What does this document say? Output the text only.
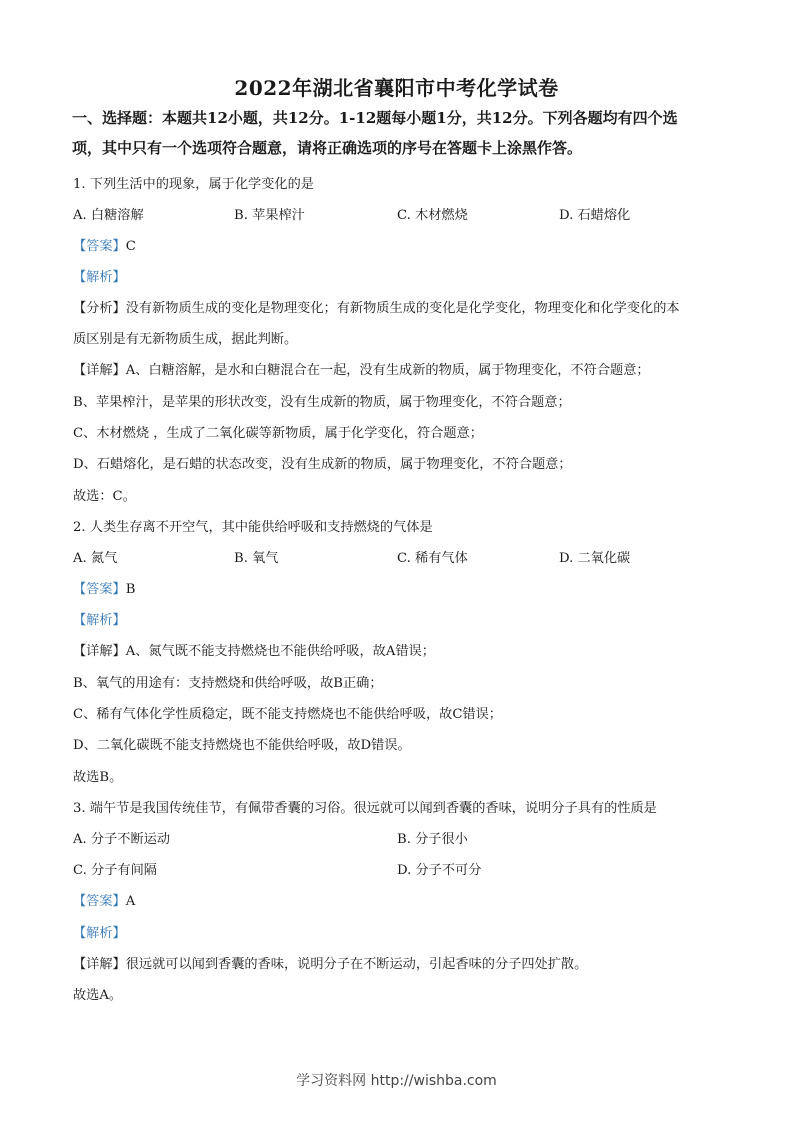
2022年湖北省襄阳市中考化学试卷
一、选择题：本题共12小题，共12分。1-12题每小题1分，共12分。下列各题均有四个选
项，其中只有一个选项符合题意，请将正确选项的序号在答题卡上涂黑作答。
1. 下列生活中的现象，属于化学变化的是
A. 白糖溶解	B. 苹果榨汁	C. 木材燃烧	D. 石蜡熔化
【答案】C
【解析】
【分析】没有新物质生成的变化是物理变化；有新物质生成的变化是化学变化，物理变化和化学变化的本
质区别是有无新物质生成，据此判断。
【详解】A、白糖溶解，是水和白糖混合在一起，没有生成新的物质，属于物理变化，不符合题意；
B、苹果榨汁，是苹果的形状改变，没有生成新的物质，属于物理变化，不符合题意；
C、木材燃烧 ，生成了二氧化碳等新物质，属于化学变化，符合题意；
D、石蜡熔化，是石蜡的状态改变，没有生成新的物质，属于物理变化，不符合题意；
故选：C。
2. 人类生存离不开空气，其中能供给呼吸和支持燃烧的气体是
A. 氮气	B. 氧气	C. 稀有气体	D. 二氧化碳
【答案】B
【解析】
【详解】A、氮气既不能支持燃烧也不能供给呼吸，故A错误；
B、氧气的用途有：支持燃烧和供给呼吸，故B正确；
C、稀有气体化学性质稳定，既不能支持燃烧也不能供给呼吸，故C错误；
D、二氧化碳既不能支持燃烧也不能供给呼吸，故D错误。
故选B。
3. 端午节是我国传统佳节，有佩带香囊的习俗。很远就可以闻到香囊的香味，说明分子具有的性质是
A. 分子不断运动	B. 分子很小
C. 分子有间隔	D. 分子不可分
【答案】A
【解析】
【详解】很远就可以闻到香囊的香味，说明分子在不断运动，引起香味的分子四处扩散。
故选A。
学习资料网 http://wishba.com
